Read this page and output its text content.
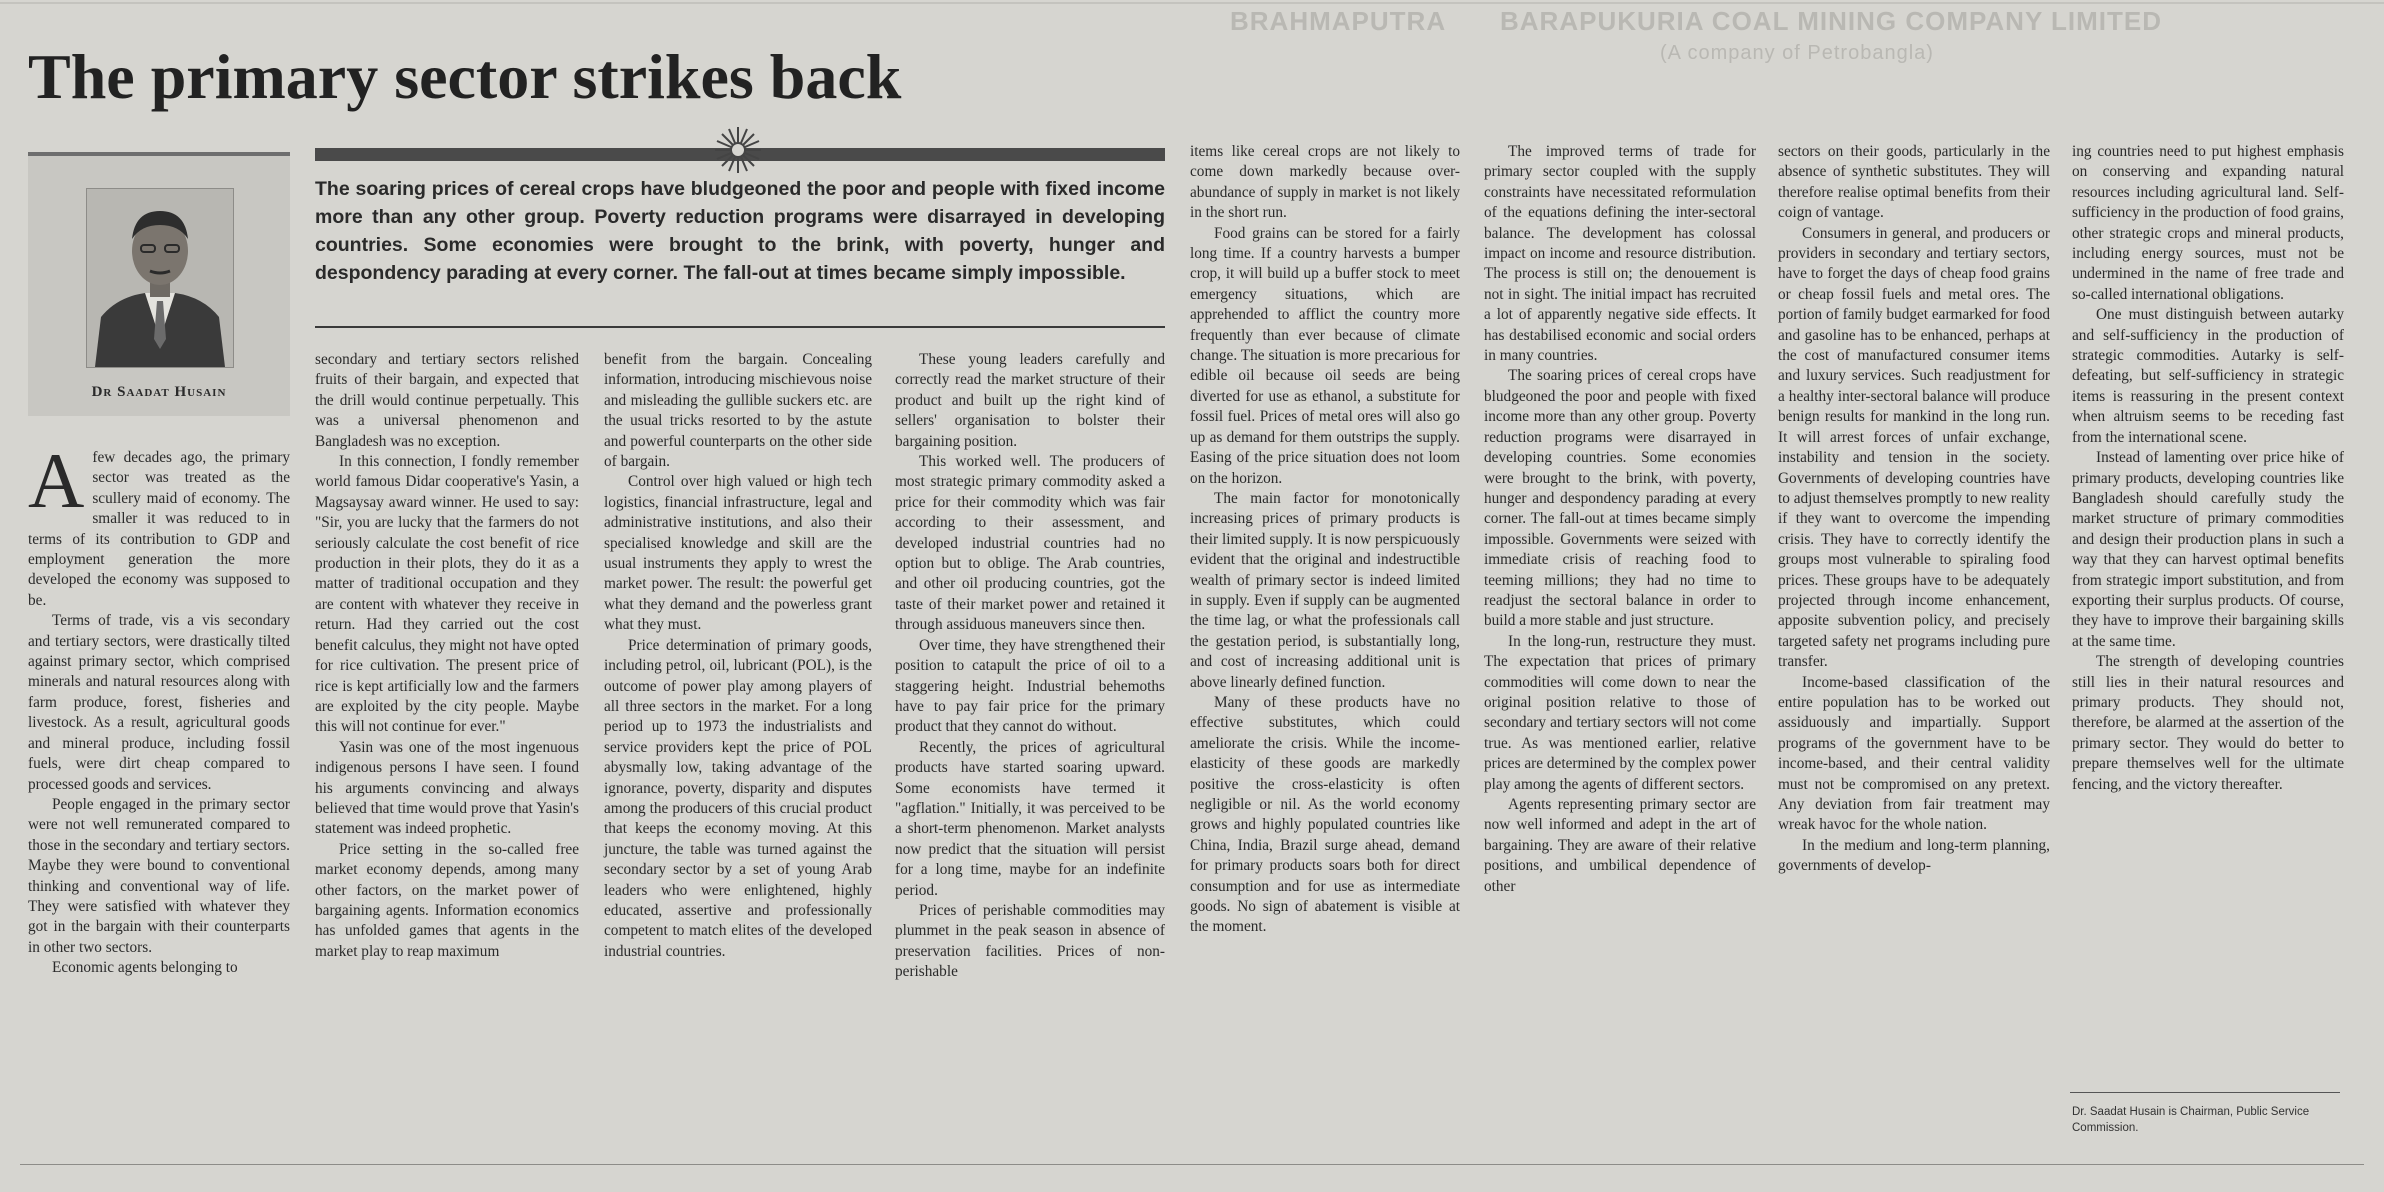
BRAHMAPUTRA BARAPUKURIA COAL MINING COMPANY LIMITED
(A company of Petrobangla)
The primary sector strikes back
Dr Saadat Husain

The soaring prices of cereal crops have bludgeoned the poor and people with fixed income more than any other group. Poverty reduction programs were disarrayed in developing countries. Some economies were brought to the brink, with poverty, hunger and despondency parading at every corner. The fall-out at times became simply impossible.

Afew decades ago, the primary sector was treated as the scullery maid of economy. The smaller it was reduced to in terms of its contribution to GDP and employment generation the more developed the economy was supposed to be.

Terms of trade, vis a vis secondary and tertiary sectors, were drastically tilted against primary sector, which comprised minerals and natural resources along with farm produce, forest, fisheries and livestock. As a result, agricultural goods and mineral produce, including fossil fuels, were dirt cheap compared to processed goods and services.

People engaged in the primary sector were not well remunerated compared to those in the secondary and tertiary sectors. Maybe they were bound to conventional thinking and conventional way of life. They were satisfied with whatever they got in the bargain with their counterparts in other two sectors.

Economic agents belonging to

secondary and tertiary sectors relished fruits of their bargain, and expected that the drill would continue perpetually. This was a universal phenomenon and Bangladesh was no exception.

In this connection, I fondly remember world famous Didar cooperative's Yasin, a Magsaysay award winner. He used to say: "Sir, you are lucky that the farmers do not seriously calculate the cost benefit of rice production in their plots, they do it as a matter of traditional occupation and they are content with whatever they receive in return. Had they carried out the cost benefit calculus, they might not have opted for rice cultivation. The present price of rice is kept artificially low and the farmers are exploited by the city people. Maybe this will not continue for ever."

Yasin was one of the most ingenuous indigenous persons I have seen. I found his arguments convincing and always believed that time would prove that Yasin's statement was indeed prophetic.

Price setting in the so-called free market economy depends, among many other factors, on the market power of bargaining agents. Information economics has unfolded games that agents in the market play to reap maximum

benefit from the bargain. Concealing information, introducing mischievous noise and misleading the gullible suckers etc. are the usual tricks resorted to by the astute and powerful counterparts on the other side of bargain.

Control over high valued or high tech logistics, financial infrastructure, legal and administrative institutions, and also their specialised knowledge and skill are the usual instruments they apply to wrest the market power. The result: the powerful get what they demand and the powerless grant what they must.

Price determination of primary goods, including petrol, oil, lubricant (POL), is the outcome of power play among players of all three sectors in the market. For a long period up to 1973 the industrialists and service providers kept the price of POL abysmally low, taking advantage of the ignorance, poverty, disparity and disputes among the producers of this crucial product that keeps the economy moving. At this juncture, the table was turned against the secondary sector by a set of young Arab leaders who were enlightened, highly educated, assertive and professionally competent to match elites of the developed industrial countries.

These young leaders carefully and correctly read the market structure of their product and built up the right kind of sellers' organisation to bolster their bargaining position.

This worked well. The producers of most strategic primary commodity asked a price for their commodity which was fair according to their assessment, and developed industrial countries had no option but to oblige. The Arab countries, and other oil producing countries, got the taste of their market power and retained it through assiduous maneuvers since then.

Over time, they have strengthened their position to catapult the price of oil to a staggering height. Industrial behemoths have to pay fair price for the primary product that they cannot do without.

Recently, the prices of agricultural products have started soaring upward. Some economists have termed it "agflation." Initially, it was perceived to be a short-term phenomenon. Market analysts now predict that the situation will persist for a long time, maybe for an indefinite period.

Prices of perishable commodities may plummet in the peak season in absence of preservation facilities. Prices of non-perishable

items like cereal crops are not likely to come down markedly because over-abundance of supply in market is not likely in the short run.

Food grains can be stored for a fairly long time. If a country harvests a bumper crop, it will build up a buffer stock to meet emergency situations, which are apprehended to afflict the country more frequently than ever because of climate change. The situation is more precarious for edible oil because oil seeds are being diverted for use as ethanol, a substitute for fossil fuel. Prices of metal ores will also go up as demand for them outstrips the supply. Easing of the price situation does not loom on the horizon.

The main factor for monotonically increasing prices of primary products is their limited supply. It is now perspicuously evident that the original and indestructible wealth of primary sector is indeed limited in supply. Even if supply can be augmented the time lag, or what the professionals call the gestation period, is substantially long, and cost of increasing additional unit is above linearly defined function.

Many of these products have no effective substitutes, which could ameliorate the crisis. While the income-elasticity of these goods are markedly positive the cross-elasticity is often negligible or nil. As the world economy grows and highly populated countries like China, India, Brazil surge ahead, demand for primary products soars both for direct consumption and for use as intermediate goods. No sign of abatement is visible at the moment.

The improved terms of trade for primary sector coupled with the supply constraints have necessitated reformulation of the equations defining the inter-sectoral balance. The development has colossal impact on income and resource distribution. The process is still on; the denouement is not in sight. The initial impact has recruited a lot of apparently negative side effects. It has destabilised economic and social orders in many countries.

The soaring prices of cereal crops have bludgeoned the poor and people with fixed income more than any other group. Poverty reduction programs were disarrayed in developing countries. Some economies were brought to the brink, with poverty, hunger and despondency parading at every corner. The fall-out at times became simply impossible. Governments were seized with immediate crisis of reaching food to teeming millions; they had no time to readjust the sectoral balance in order to build a more stable and just structure.

In the long-run, restructure they must. The expectation that prices of primary commodities will come down to near the original position relative to those of secondary and tertiary sectors will not come true. As was mentioned earlier, relative prices are determined by the complex power play among the agents of different sectors.

Agents representing primary sector are now well informed and adept in the art of bargaining. They are aware of their relative positions, and umbilical dependence of other

sectors on their goods, particularly in the absence of synthetic substitutes. They will therefore realise optimal benefits from their coign of vantage.

Consumers in general, and producers or providers in secondary and tertiary sectors, have to forget the days of cheap food grains or cheap fossil fuels and metal ores. The portion of family budget earmarked for food and gasoline has to be enhanced, perhaps at the cost of manufactured consumer items and luxury services. Such readjustment for a healthy inter-sectoral balance will produce benign results for mankind in the long run. It will arrest forces of unfair exchange, instability and tension in the society. Governments of developing countries have to adjust themselves promptly to new reality if they want to overcome the impending crisis. They have to correctly identify the groups most vulnerable to spiraling food prices. These groups have to be adequately projected through income enhancement, apposite subvention policy, and precisely targeted safety net programs including pure transfer.

Income-based classification of the entire population has to be worked out assiduously and impartially. Support programs of the government have to be income-based, and their central validity must not be compromised on any pretext. Any deviation from fair treatment may wreak havoc for the whole nation.

In the medium and long-term planning, governments of develop-

ing countries need to put highest emphasis on conserving and expanding natural resources including agricultural land. Self-sufficiency in the production of food grains, other strategic crops and mineral products, including energy sources, must not be undermined in the name of free trade and so-called international obligations.

One must distinguish between autarky and self-sufficiency in the production of strategic commodities. Autarky is self-defeating, but self-sufficiency in strategic items is reassuring in the present context when altruism seems to be receding fast from the international scene.

Instead of lamenting over price hike of primary products, developing countries like Bangladesh should carefully study the market structure of primary commodities and design their production plans in such a way that they can harvest optimal benefits from strategic import substitution, and from exporting their surplus products. Of course, they have to improve their bargaining skills at the same time.

The strength of developing countries still lies in their natural resources and primary products. They should not, therefore, be alarmed at the assertion of the primary sector. They would do better to prepare themselves well for the ultimate fencing, and the victory thereafter.

Dr. Saadat Husain is Chairman, Public Service Commission.
